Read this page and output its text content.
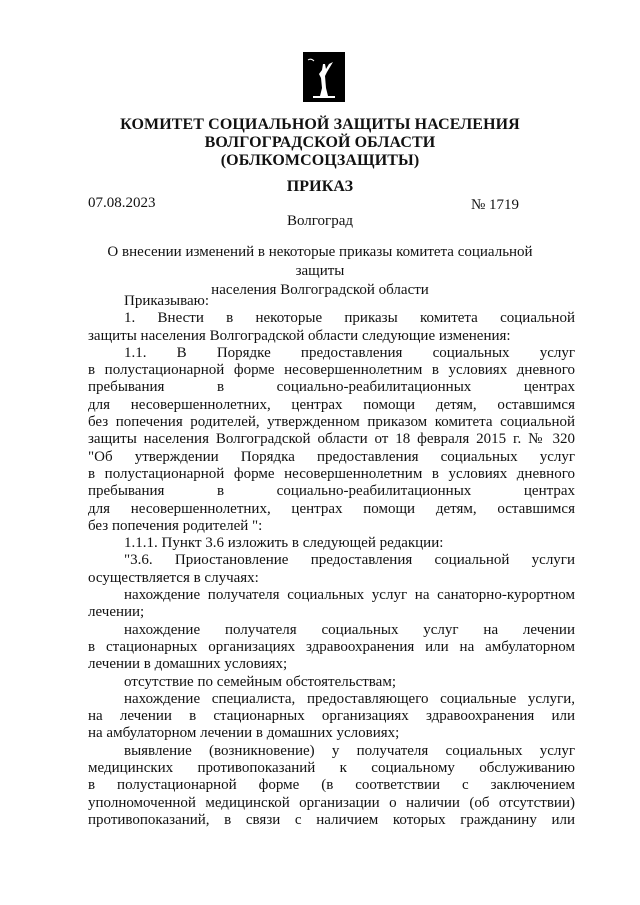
КОМИТЕТ СОЦИАЛЬНОЙ ЗАЩИТЫ НАСЕЛЕНИЯ
ВОЛГОГРАДСКОЙ ОБЛАСТИ
(ОБЛКОМСОЦЗАЩИТЫ)
ПРИКАЗ
07.08.2023	№ 1719
Волгоград
О внесении изменений в некоторые приказы комитета социальной защиты
населения Волгоградской области

Приказываю:

1. Внести в некоторые приказы комитета социальной

защиты населения Волгоградской области следующие изменения:

1.1. В Порядке предоставления социальных услуг

в полустационарной форме несовершеннолетним в условиях дневного

пребывания в социально-реабилитационных центрах

для несовершеннолетних, центрах помощи детям, оставшимся

без попечения родителей, утвержденном приказом комитета социальной

защиты населения Волгоградской области от 18 февраля 2015 г. № 320

"Об утверждении Порядка предоставления социальных услуг

в полустационарной форме несовершеннолетним в условиях дневного

пребывания в социально-реабилитационных центрах

для несовершеннолетних, центрах помощи детям, оставшимся

без попечения родителей ":

1.1.1. Пункт 3.6 изложить в следующей редакции:

"3.6. Приостановление предоставления социальной услуги

осуществляется в случаях:

нахождение получателя социальных услуг на санаторно-курортном

лечении;

нахождение получателя социальных услуг на лечении

в стационарных организациях здравоохранения или на амбулаторном

лечении в домашних условиях;

отсутствие по семейным обстоятельствам;

нахождение специалиста, предоставляющего социальные услуги,

на лечении в стационарных организациях здравоохранения или

на амбулаторном лечении в домашних условиях;

выявление (возникновение) у получателя социальных услуг

медицинских противопоказаний к социальному обслуживанию

в полустационарной форме (в соответствии с заключением

уполномоченной медицинской организации о наличии (об отсутствии)

противопоказаний, в связи с наличием которых гражданину или
